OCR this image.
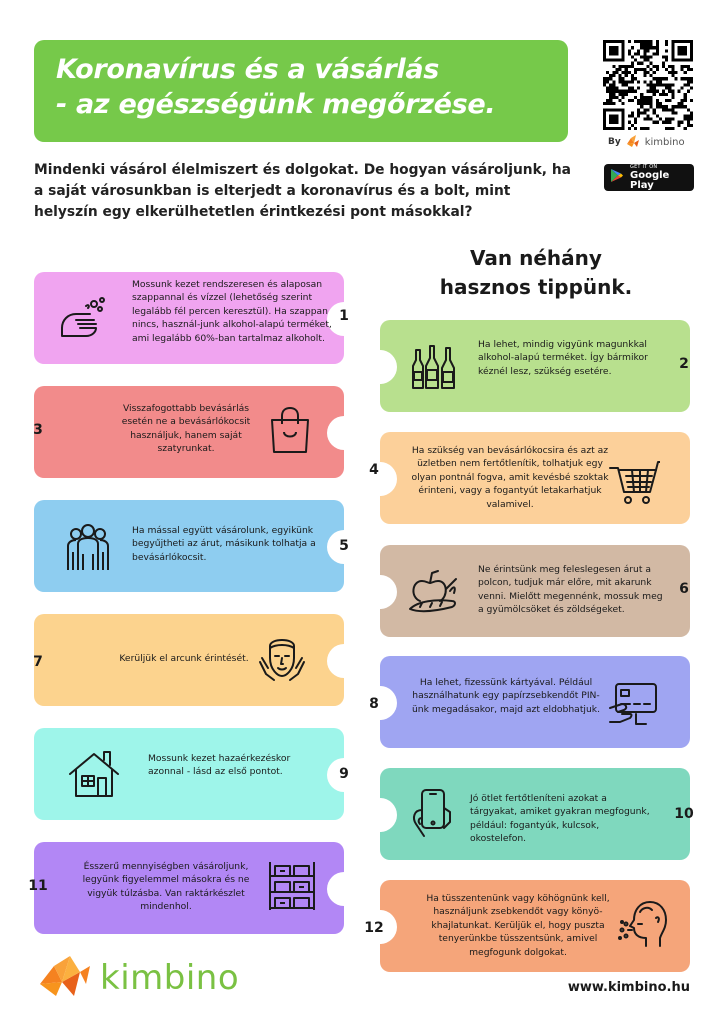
Koronavírus és a vásárlás
- az egészségünk megőrzése.
By kimbino
GET IT ON
Google Play
Mindenki vásárol élelmiszert és dolgokat. De hogyan vásároljunk, ha a saját városunkban is elterjedt a koronavírus és a bolt, mint helyszín egy elkerülhetetlen érintkezési pont másokkal?
Van néhány
hasznos tippünk.
1
Mossunk kezet rendszeresen és alaposan szappannal és vízzel (lehetőség szerint legalább fél percen keresztül). Ha szappan nincs, használ-junk alkohol-alapú terméket, ami legalább 60%-ban tartalmaz alkoholt.
2
Ha lehet, mindig vigyünk magunkkal alkohol-alapú terméket. Így bármikor kéznél lesz, szükség esetére.
3
Visszafogottabb bevásárlás esetén ne a bevásárlókocsit használjuk, hanem saját szatyrunkat.
4
Ha szükség van bevásárlókocsira és azt az üzletben nem fertőtlenítik, tolhatjuk egy olyan pontnál fogva, amit kevésbé szoktak érinteni, vagy a fogantyút letakarhatjuk valamivel.
5
Ha mással együtt vásárolunk, egyikünk begyűjtheti az árut, másikunk tolhatja a bevásárlókocsit.
6
Ne érintsünk meg feleslegesen árut a polcon, tudjuk már előre, mit akarunk venni. Mielőtt megennénk, mossuk meg a gyümölcsöket és zöldségeket.
7	Kerüljük el arcunk érintését.
8
Ha lehet, fizessünk kártyával. Például használhatunk egy papírzsebkendőt PIN-ünk megadásakor, majd azt eldobhatjuk.
9
Mossunk kezet hazaérkezéskor azonnal - lásd az első pontot.
10
Jó ötlet fertőtleníteni azokat a tárgyakat, amiket gyakran megfogunk, például: fogantyúk, kulcsok, okostelefon.
11
Ésszerű mennyiségben vásároljunk, legyünk figyelemmel másokra és ne vigyük túlzásba. Van raktárkészlet mindenhol.
12
Ha tüsszentenünk vagy köhögnünk kell, használjunk zsebkendőt vagy könyö-khajlatunkat. Kerüljük el, hogy puszta tenyerünkbe tüsszentsünk, amivel megfogunk dolgokat.
kimbino	www.kimbino.hu
